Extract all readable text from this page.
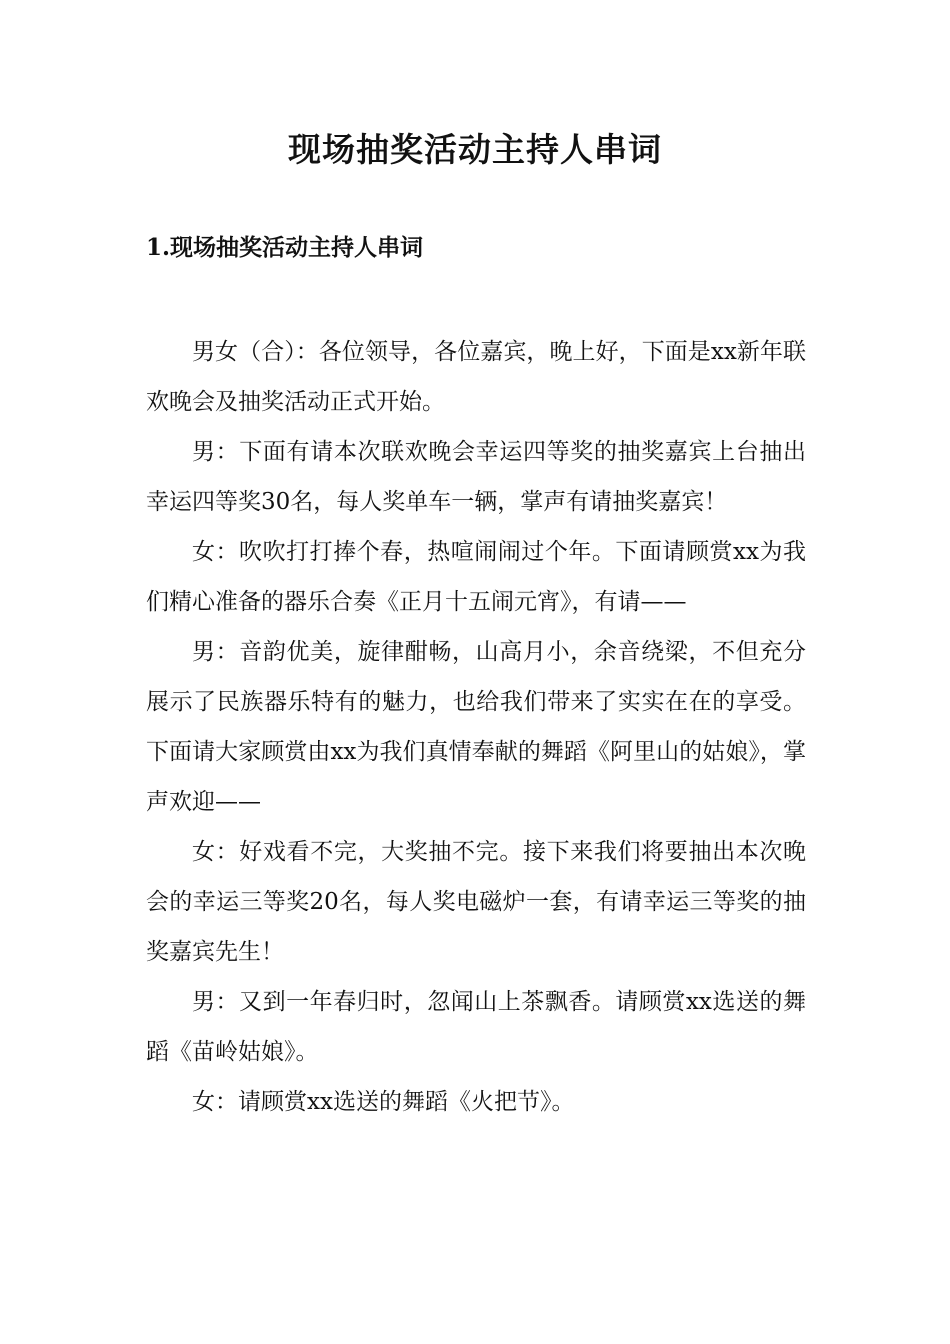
现场抽奖活动主持人串词
1.现场抽奖活动主持人串词

男女（合）：各位领导，各位嘉宾，晚上好，下面是xx新年联欢晚会及抽奖活动正式开始。

男：下面有请本次联欢晚会幸运四等奖的抽奖嘉宾上台抽出幸运四等奖30名，每人奖单车一辆，掌声有请抽奖嘉宾！

女：吹吹打打捧个春，热喧闹闹过个年。下面请顾赏xx为我们精心准备的器乐合奏《正月十五闹元宵》，有请——

男：音韵优美，旋律酣畅，山高月小，余音绕梁，不但充分展示了民族器乐特有的魅力，也给我们带来了实实在在的享受。下面请大家顾赏由xx为我们真情奉献的舞蹈《阿里山的姑娘》，掌声欢迎——

女：好戏看不完，大奖抽不完。接下来我们将要抽出本次晚会的幸运三等奖20名，每人奖电磁炉一套，有请幸运三等奖的抽奖嘉宾先生！

男：又到一年春归时，忽闻山上茶飘香。请顾赏xx选送的舞蹈《苗岭姑娘》。

女：请顾赏xx选送的舞蹈《火把节》。
